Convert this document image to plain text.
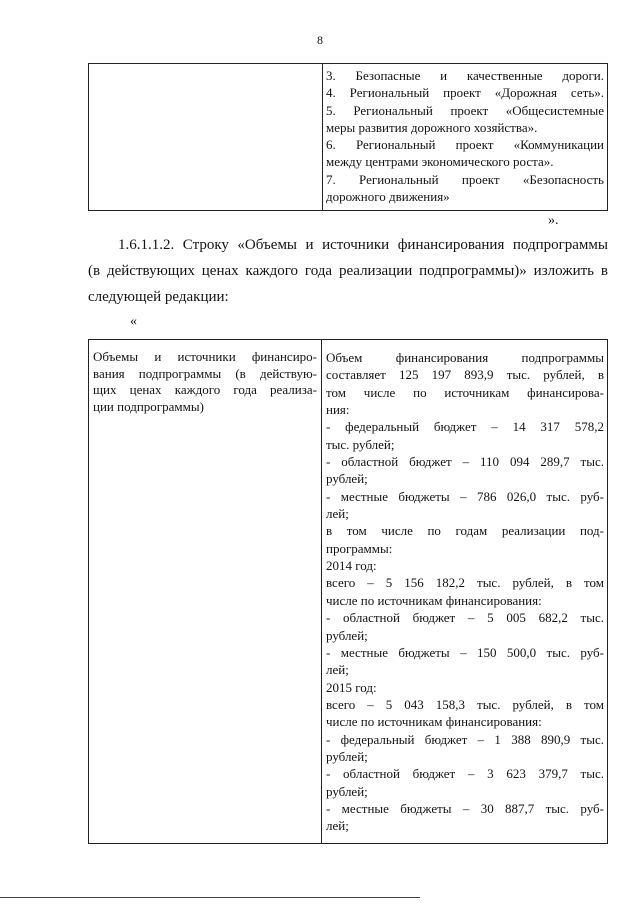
8
3. Безопасные и качественные дороги.
4. Региональный проект «Дорожная сеть».
5. Региональный проект «Общесистемные
меры развития дорожного хозяйства».
6. Региональный проект «Коммуникации
между центрами экономического роста».
7. Региональный проект «Безопасность
дорожного движения»
».
1.6.1.1.2. Строку «Объемы и источники финансирования подпрограммы
(в действующих ценах каждого года реализации подпрограммы)» изложить в
следующей редакции:
«
Объемы и источники финансиро-
вания подпрограммы (в действую-
щих ценах каждого года реализа-
ции подпрограммы)
Объем финансирования подпрограммы
составляет 125 197 893,9 тыс. рублей, в
том числе по источникам финансирова-
ния:
- федеральный бюджет – 14 317 578,2
тыс. рублей;
- областной бюджет – 110 094 289,7 тыс.
рублей;
- местные бюджеты – 786 026,0 тыс. руб-
лей;
в том числе по годам реализации под-
программы:
2014 год:
всего – 5 156 182,2 тыс. рублей, в том
числе по источникам финансирования:
- областной бюджет – 5 005 682,2 тыс.
рублей;
- местные бюджеты – 150 500,0 тыс. руб-
лей;
2015 год:
всего – 5 043 158,3 тыс. рублей, в том
числе по источникам финансирования:
- федеральный бюджет – 1 388 890,9 тыс.
рублей;
- областной бюджет – 3 623 379,7 тыс.
рублей;
- местные бюджеты – 30 887,7 тыс. руб-
лей;
